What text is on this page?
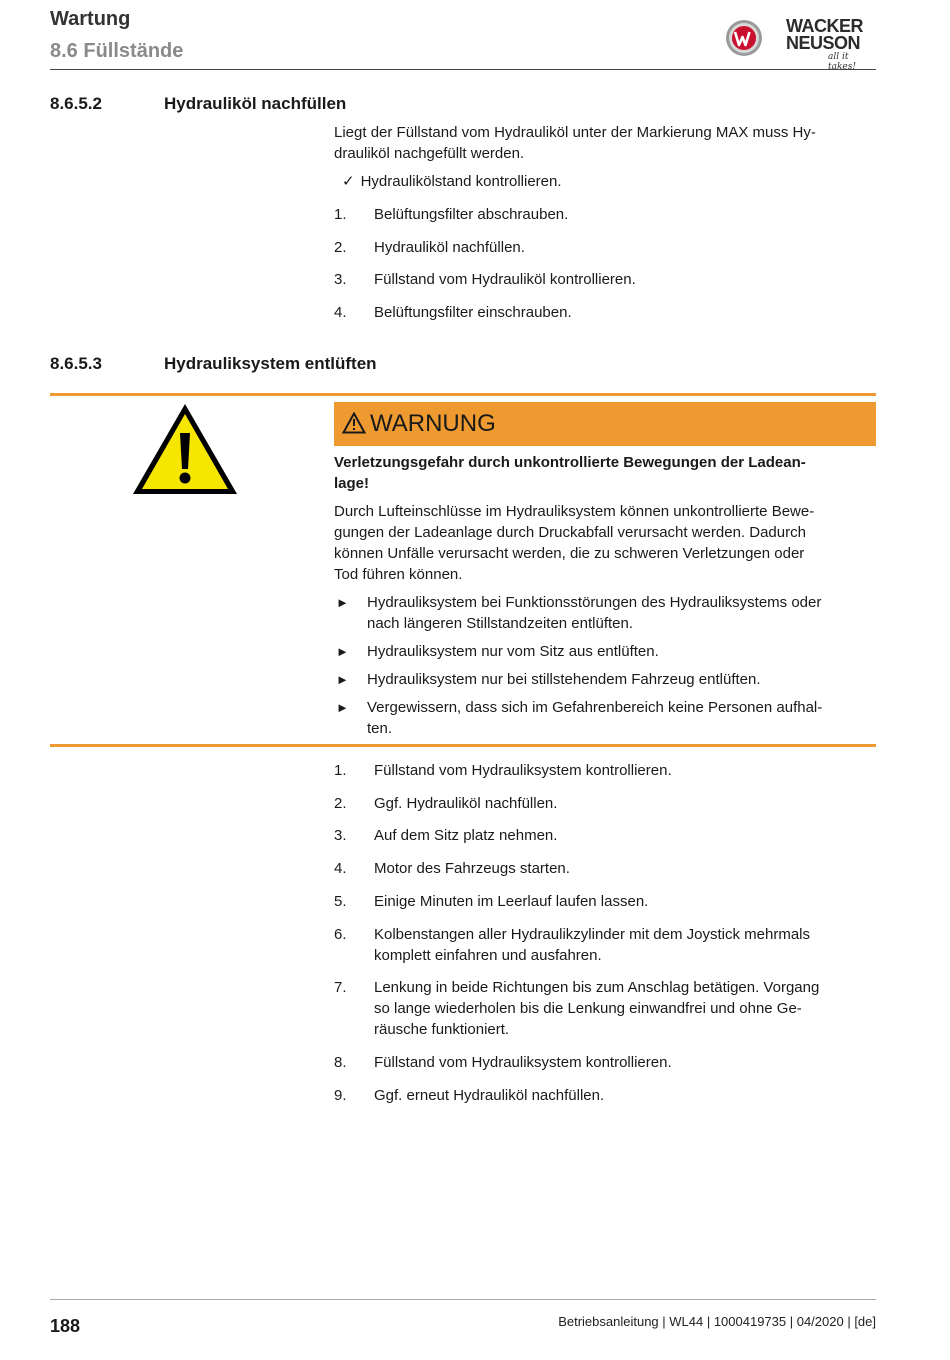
Wartung
8.6 Füllstände
WACKER
NEUSON
all it takes!
8.6.5.2	Hydrauliköl nachfüllen
Liegt der Füllstand vom Hydrauliköl unter der Markierung MAX muss Hy-
drauliköl nachgefüllt werden.
✓ Hydraulikölstand kontrollieren.
1.	Belüftungsfilter abschrauben.
2.	Hydrauliköl nachfüllen.
3.	Füllstand vom Hydrauliköl kontrollieren.
4.	Belüftungsfilter einschrauben.
8.6.5.3	Hydrauliksystem entlüften
WARNUNG
Verletzungsgefahr durch unkontrollierte Bewegungen der Ladean-
lage!
Durch Lufteinschlüsse im Hydrauliksystem können unkontrollierte Bewe-
gungen der Ladeanlage durch Druckabfall verursacht werden. Dadurch
können Unfälle verursacht werden, die zu schweren Verletzungen oder
Tod führen können.
► Hydrauliksystem bei Funktionsstörungen des Hydrauliksystems oder
nach längeren Stillstandzeiten entlüften.
► Hydrauliksystem nur vom Sitz aus entlüften.
► Hydrauliksystem nur bei stillstehendem Fahrzeug entlüften.
► Vergewissern, dass sich im Gefahrenbereich keine Personen aufhal-
ten.
1.	Füllstand vom Hydrauliksystem kontrollieren.
2.	Ggf. Hydrauliköl nachfüllen.
3.	Auf dem Sitz platz nehmen.
4.	Motor des Fahrzeugs starten.
5.	Einige Minuten im Leerlauf laufen lassen.
6.	Kolbenstangen aller Hydraulikzylinder mit dem Joystick mehrmals
komplett einfahren und ausfahren.
7.	Lenkung in beide Richtungen bis zum Anschlag betätigen. Vorgang
so lange wiederholen bis die Lenkung einwandfrei und ohne Ge-
räusche funktioniert.
8.	Füllstand vom Hydrauliksystem kontrollieren.
9.	Ggf. erneut Hydrauliköl nachfüllen.
188	Betriebsanleitung | WL44 | 1000419735 | 04/2020 | [de]
